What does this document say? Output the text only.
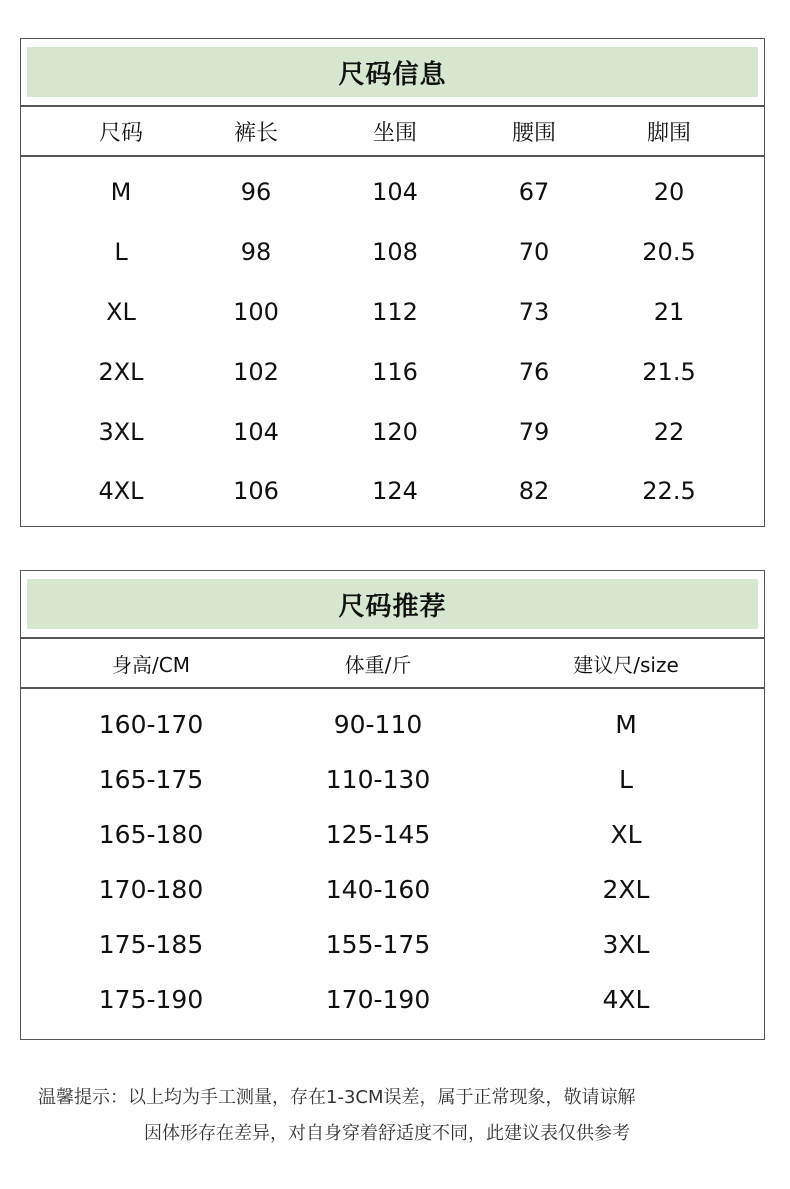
尺码信息
尺码	裤长	坐围	腰围	脚围
M	96	104	67	20
L	98	108	70	20.5
XL	100	112	73	21
2XL	102	116	76	21.5
3XL	104	120	79	22
4XL	106	124	82	22.5
尺码推荐
身高/CM	体重/斤	建议尺/size
160-170	90-110	M
165-175	110-130	L
165-180	125-145	XL
170-180	140-160	2XL
175-185	155-175	3XL
175-190	170-190	4XL
温馨提示：以上均为手工测量，存在1-3CM误差，属于正常现象，敬请谅解
因体形存在差异，对自身穿着舒适度不同，此建议表仅供参考
